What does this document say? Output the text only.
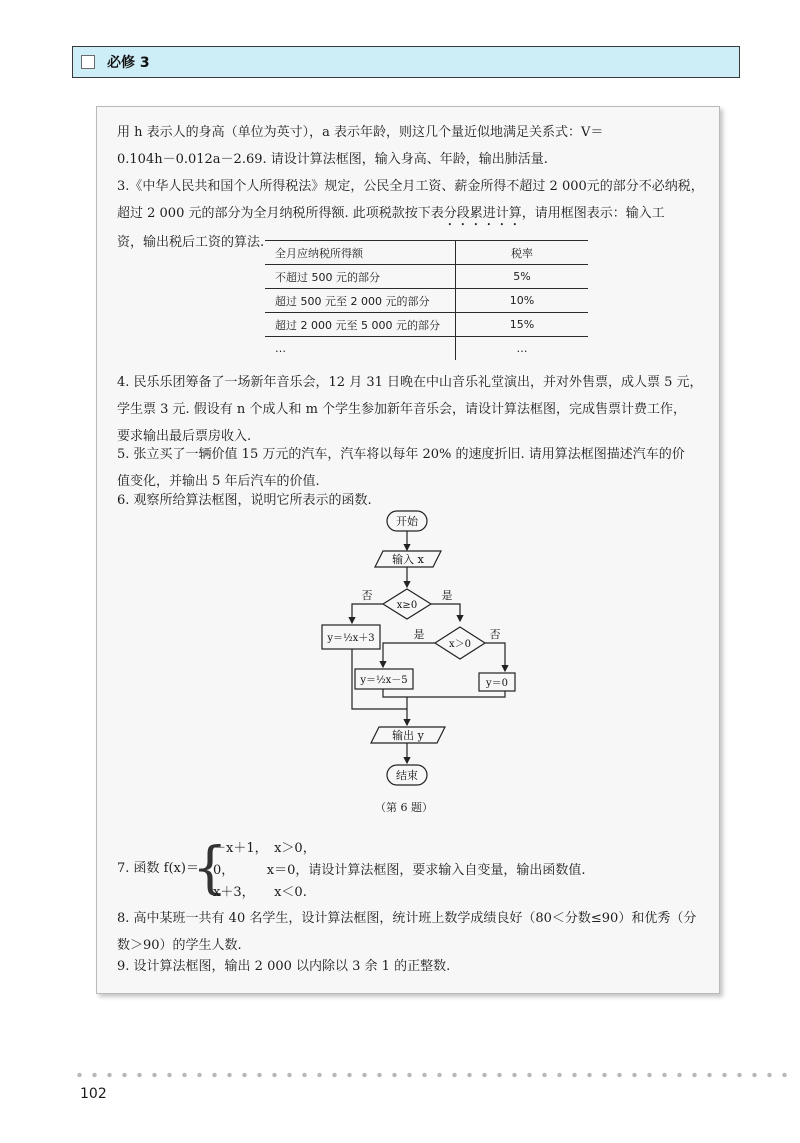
必修 3
用 h 表示人的身高（单位为英寸），a 表示年龄，则这几个量近似地满足关系式：V＝
0.104h－0.012a－2.69. 请设计算法框图，输入身高、年龄，输出肺活量.
3.《中华人民共和国个人所得税法》规定，公民全月工资、薪金所得不超过 2 000元的部分不必纳税，
超过 2 000 元的部分为全月纳税所得额. 此项税款按下表分段累进计算，请用框图表示：输入工
资，输出税后工资的算法.
全月应纳税所得额	税率
不超过 500 元的部分	5%
超过 500 元至 2 000 元的部分	10%
超过 2 000 元至 5 000 元的部分	15%
…	…
4. 民乐乐团筹备了一场新年音乐会，12 月 31 日晚在中山音乐礼堂演出，并对外售票，成人票 5 元，
学生票 3 元. 假设有 n 个成人和 m 个学生参加新年音乐会，请设计算法框图，完成售票计费工作，
要求输出最后票房收入.
5. 张立买了一辆价值 15 万元的汽车，汽车将以每年 20% 的速度折旧. 请用算法框图描述汽车的价
值变化，并输出 5 年后汽车的价值.
6. 观察所给算法框图，说明它所表示的函数.
开始
输入 x
x≥0
否	是
y＝½x＋3
x＞0
是	否
y＝½x－5	y＝0
输出 y
结束
（第 6 题）
7. 函数 f(x)＝
{
－x＋1，　x＞0，
0，　　　x＝0，请设计算法框图，要求输入自变量，输出函数值.
x＋3，　　x＜0.
8. 高中某班一共有 40 名学生，设计算法框图，统计班上数学成绩良好（80＜分数≤90）和优秀（分
数＞90）的学生人数.
9. 设计算法框图，输出 2 000 以内除以 3 余 1 的正整数.
102
